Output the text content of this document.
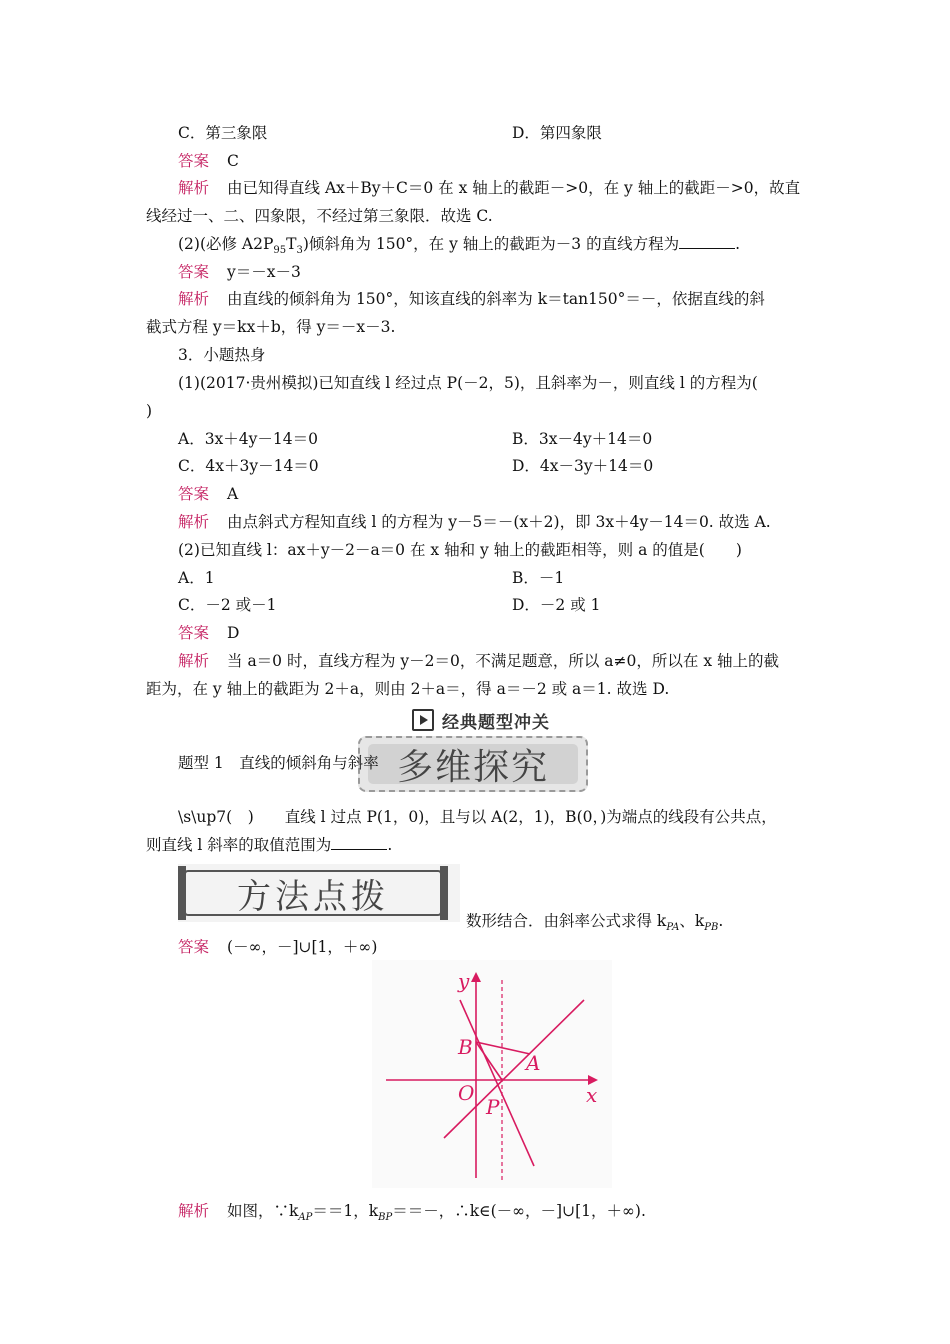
C．第三象限	D．第四象限
答案 C
解析 由已知得直线 Ax＋By＋C＝0 在 x 轴上的截距－>0，在 y 轴上的截距－>0，故直
线经过一、二、四象限，不经过第三象限．故选 C.
(2)(必修 $A2P_{95}T_3$)倾斜角为 150°，在 y 轴上的截距为－3 的直线方程为	.
答案 y＝－x－3
解析 由直线的倾斜角为 150°，知该直线的斜率为 k＝tan150°＝－，依据直线的斜
截式方程 y＝kx＋b，得 y＝－x－3.
3．小题热身
(1)(2017·贵州模拟)已知直线 l 经过点 P(－2，5)，且斜率为－，则直线 l 的方程为(
)
A．3x＋4y－14＝0	B．3x－4y＋14＝0
C．4x＋3y－14＝0	D．4x－3y＋14＝0
答案 A
解析 由点斜式方程知直线 l 的方程为 y－5＝－(x＋2)，即 3x＋4y－14＝0. 故选 A.
(2)已知直线 l：ax＋y－2－a＝0 在 x 轴和 y 轴上的截距相等，则 a 的值是(　　)
A．1	B．－1
C．－2 或－1	D．－2 或 1
答案 D
解析 当 a＝0 时，直线方程为 y－2＝0，不满足题意，所以 a≠0，所以在 x 轴上的截
距为，在 y 轴上的截距为 2＋a，则由 2＋a＝，得 a＝－2 或 a＝1. 故选 D.
经典题型冲关
多维探究
题型 1　直线的倾斜角与斜率
\s\up7(　)　　直线 l 过点 P(1，0)，且与以 A(2，1)，B(0，)为端点的线段有公共点，
则直线 l 斜率的取值范围为	.
方法点拨
数形结合．由斜率公式求得 $k_{PA}$、$k_{PB}$.
答案 (－∞，－]∪[1，＋∞)
y
x
B
A
O
P
解析 如图，$\because k_{AP}==1$，$k_{BP}==-$，∴k∈(－∞，－]∪[1，＋∞).
